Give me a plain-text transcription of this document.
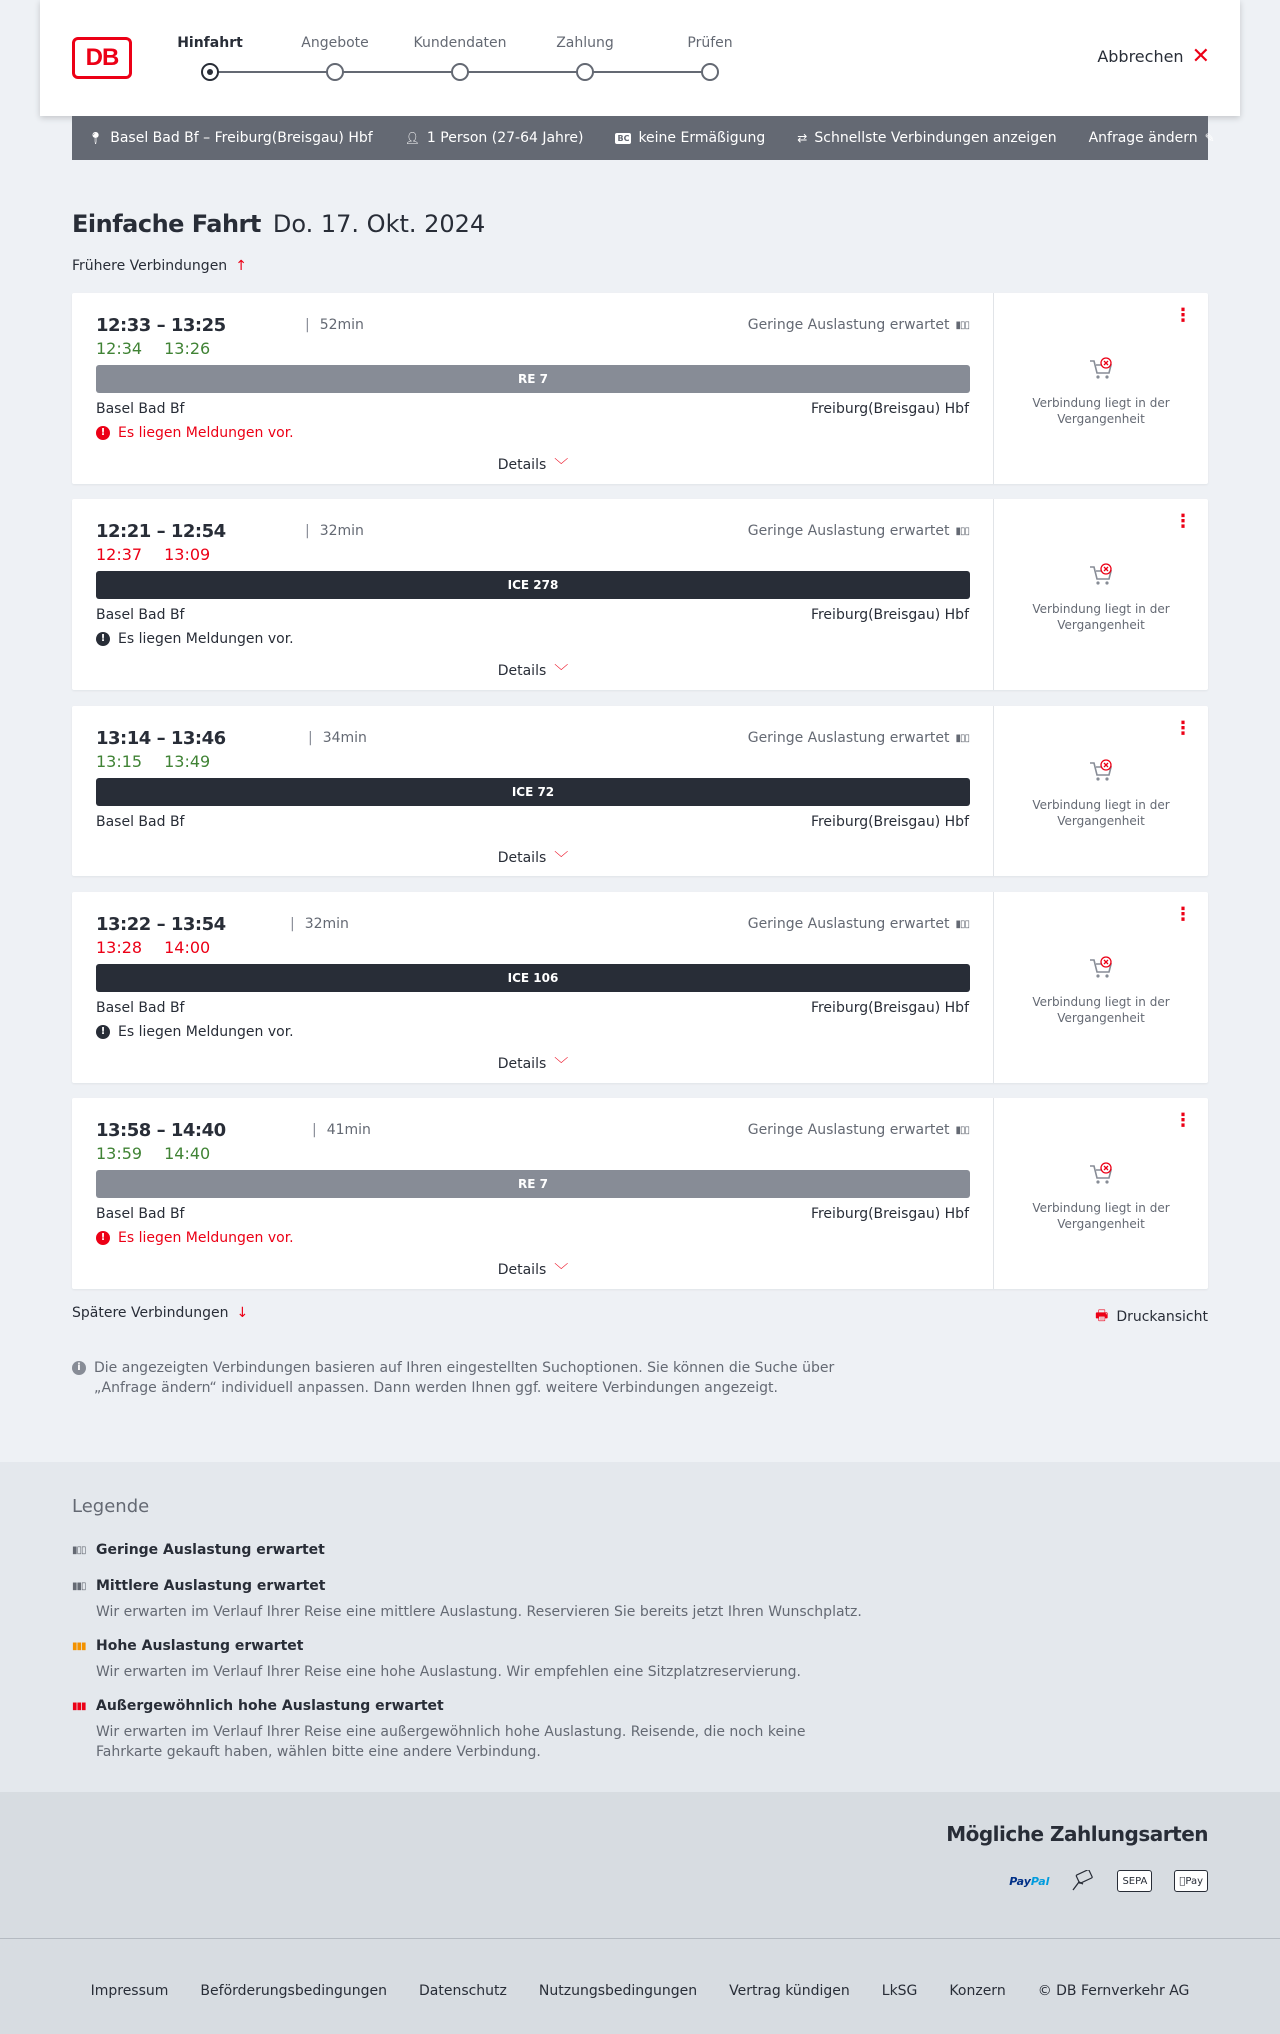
DB
Hinfahrt	Angebote	Kundendaten	Zahlung	Prüfen
Abbrechen ✕
📍︎ Basel Bad Bf – Freiburg(Breisgau) Hbf	👤︎ 1 Person (27-64 Jahre)	BC keine Ermäßigung	⇄ Schnellste Verbindungen anzeigen Anfrage ändern ✎
Einfache Fahrt Do. 17. Okt. 2024
Frühere Verbindungen ↑
12:33 – 13:25	| 52min
12:34 13:26
Geringe Auslastung erwartet ▮▯▯
RE 7
Basel Bad Bf	Freiburg(Breisgau) Hbf
! Es liegen Meldungen vor.
Details ﹀
⋮
Verbindung liegt in der Vergangenheit
12:21 – 12:54	| 32min
12:37 13:09
Geringe Auslastung erwartet ▮▯▯
ICE 278
Basel Bad Bf	Freiburg(Breisgau) Hbf
! Es liegen Meldungen vor.
Details ﹀
⋮
Verbindung liegt in der Vergangenheit
13:14 – 13:46	| 34min
13:15 13:49
Geringe Auslastung erwartet ▮▯▯
ICE 72
Basel Bad Bf	Freiburg(Breisgau) Hbf
Details ﹀
⋮
Verbindung liegt in der Vergangenheit
13:22 – 13:54	| 32min
13:28 14:00
Geringe Auslastung erwartet ▮▯▯
ICE 106
Basel Bad Bf	Freiburg(Breisgau) Hbf
! Es liegen Meldungen vor.
Details ﹀
⋮
Verbindung liegt in der Vergangenheit
13:58 – 14:40	| 41min
13:59 14:40
Geringe Auslastung erwartet ▮▯▯
RE 7
Basel Bad Bf	Freiburg(Breisgau) Hbf
! Es liegen Meldungen vor.
Details ﹀
⋮
Verbindung liegt in der Vergangenheit
Spätere Verbindungen ↓	🖶︎ Druckansicht
i Die angezeigten Verbindungen basieren auf Ihren eingestellten Suchoptionen. Sie können die Suche über „Anfrage ändern“ individuell anpassen. Dann werden Ihnen ggf. weitere Verbindungen angezeigt.
Legende
▮▯▯ Geringe Auslastung erwartet
▮▮▯ Mittlere Auslastung erwartet
Wir erwarten im Verlauf Ihrer Reise eine mittlere Auslastung. Reservieren Sie bereits jetzt Ihren Wunschplatz.
▮▮▮ Hohe Auslastung erwartet
Wir erwarten im Verlauf Ihrer Reise eine hohe Auslastung. Wir empfehlen eine Sitzplatzreservierung.
▮▮▮ Außergewöhnlich hohe Auslastung erwartet
Wir erwarten im Verlauf Ihrer Reise eine außergewöhnlich hohe Auslastung. Reisende, die noch keine Fahrkarte gekauft haben, wählen bitte eine andere Verbindung.
Mögliche Zahlungsarten
Pay Pal	SEPA	Pay
Impressum Beförderungsbedingungen Datenschutz Nutzungsbedingungen Vertrag kündigen LkSG Konzern © DB Fernverkehr AG
